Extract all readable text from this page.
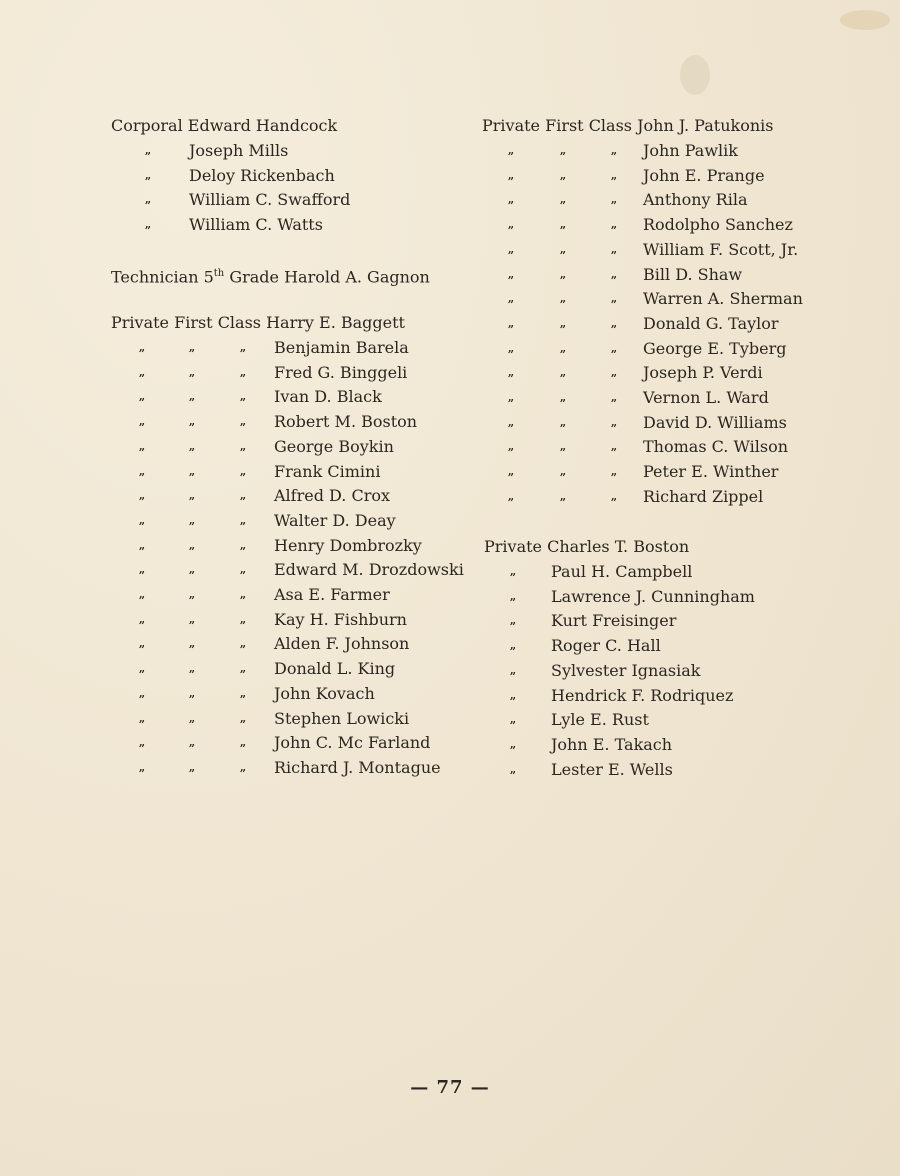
Corporal Edward Handcock
„ Joseph Mills
„ Deloy Rickenbach
„ William C. Swafford
„ William C. Watts
Technician 5th Grade Harold A. Gagnon
Private First Class Harry E. Baggett
„	„	„ Benjamin Barela
„	„	„ Fred G. Binggeli
„	„	„ Ivan D. Black
„	„	„ Robert M. Boston
„	„	„ George Boykin
„	„	„ Frank Cimini
„	„	„ Alfred D. Crox
„	„	„ Walter D. Deay
„	„	„ Henry Dombrozky
„	„	„ Edward M. Drozdowski
„	„	„ Asa E. Farmer
„	„	„ Kay H. Fishburn
„	„	„ Alden F. Johnson
„	„	„ Donald L. King
„	„	„ John Kovach
„	„	„ Stephen Lowicki
„	„	„ John C. Mc Farland
„	„	„ Richard J. Montague
Private First Class John J. Patukonis
„	„	„ John Pawlik
„	„	„ John E. Prange
„	„	„ Anthony Rila
„	„	„ Rodolpho Sanchez
„	„	„ William F. Scott, Jr.
„	„	„ Bill D. Shaw
„	„	„ Warren A. Sherman
„	„	„ Donald G. Taylor
„	„	„ George E. Tyberg
„	„	„ Joseph P. Verdi
„	„	„ Vernon L. Ward
„	„	„ David D. Williams
„	„	„ Thomas C. Wilson
„	„	„ Peter E. Winther
„	„	„ Richard Zippel
Private Charles T. Boston
„ Paul H. Campbell
„ Lawrence J. Cunningham
„ Kurt Freisinger
„ Roger C. Hall
„ Sylvester Ignasiak
„ Hendrick F. Rodriquez
„ Lyle E. Rust
„ John E. Takach
„ Lester E. Wells
— 77 —
